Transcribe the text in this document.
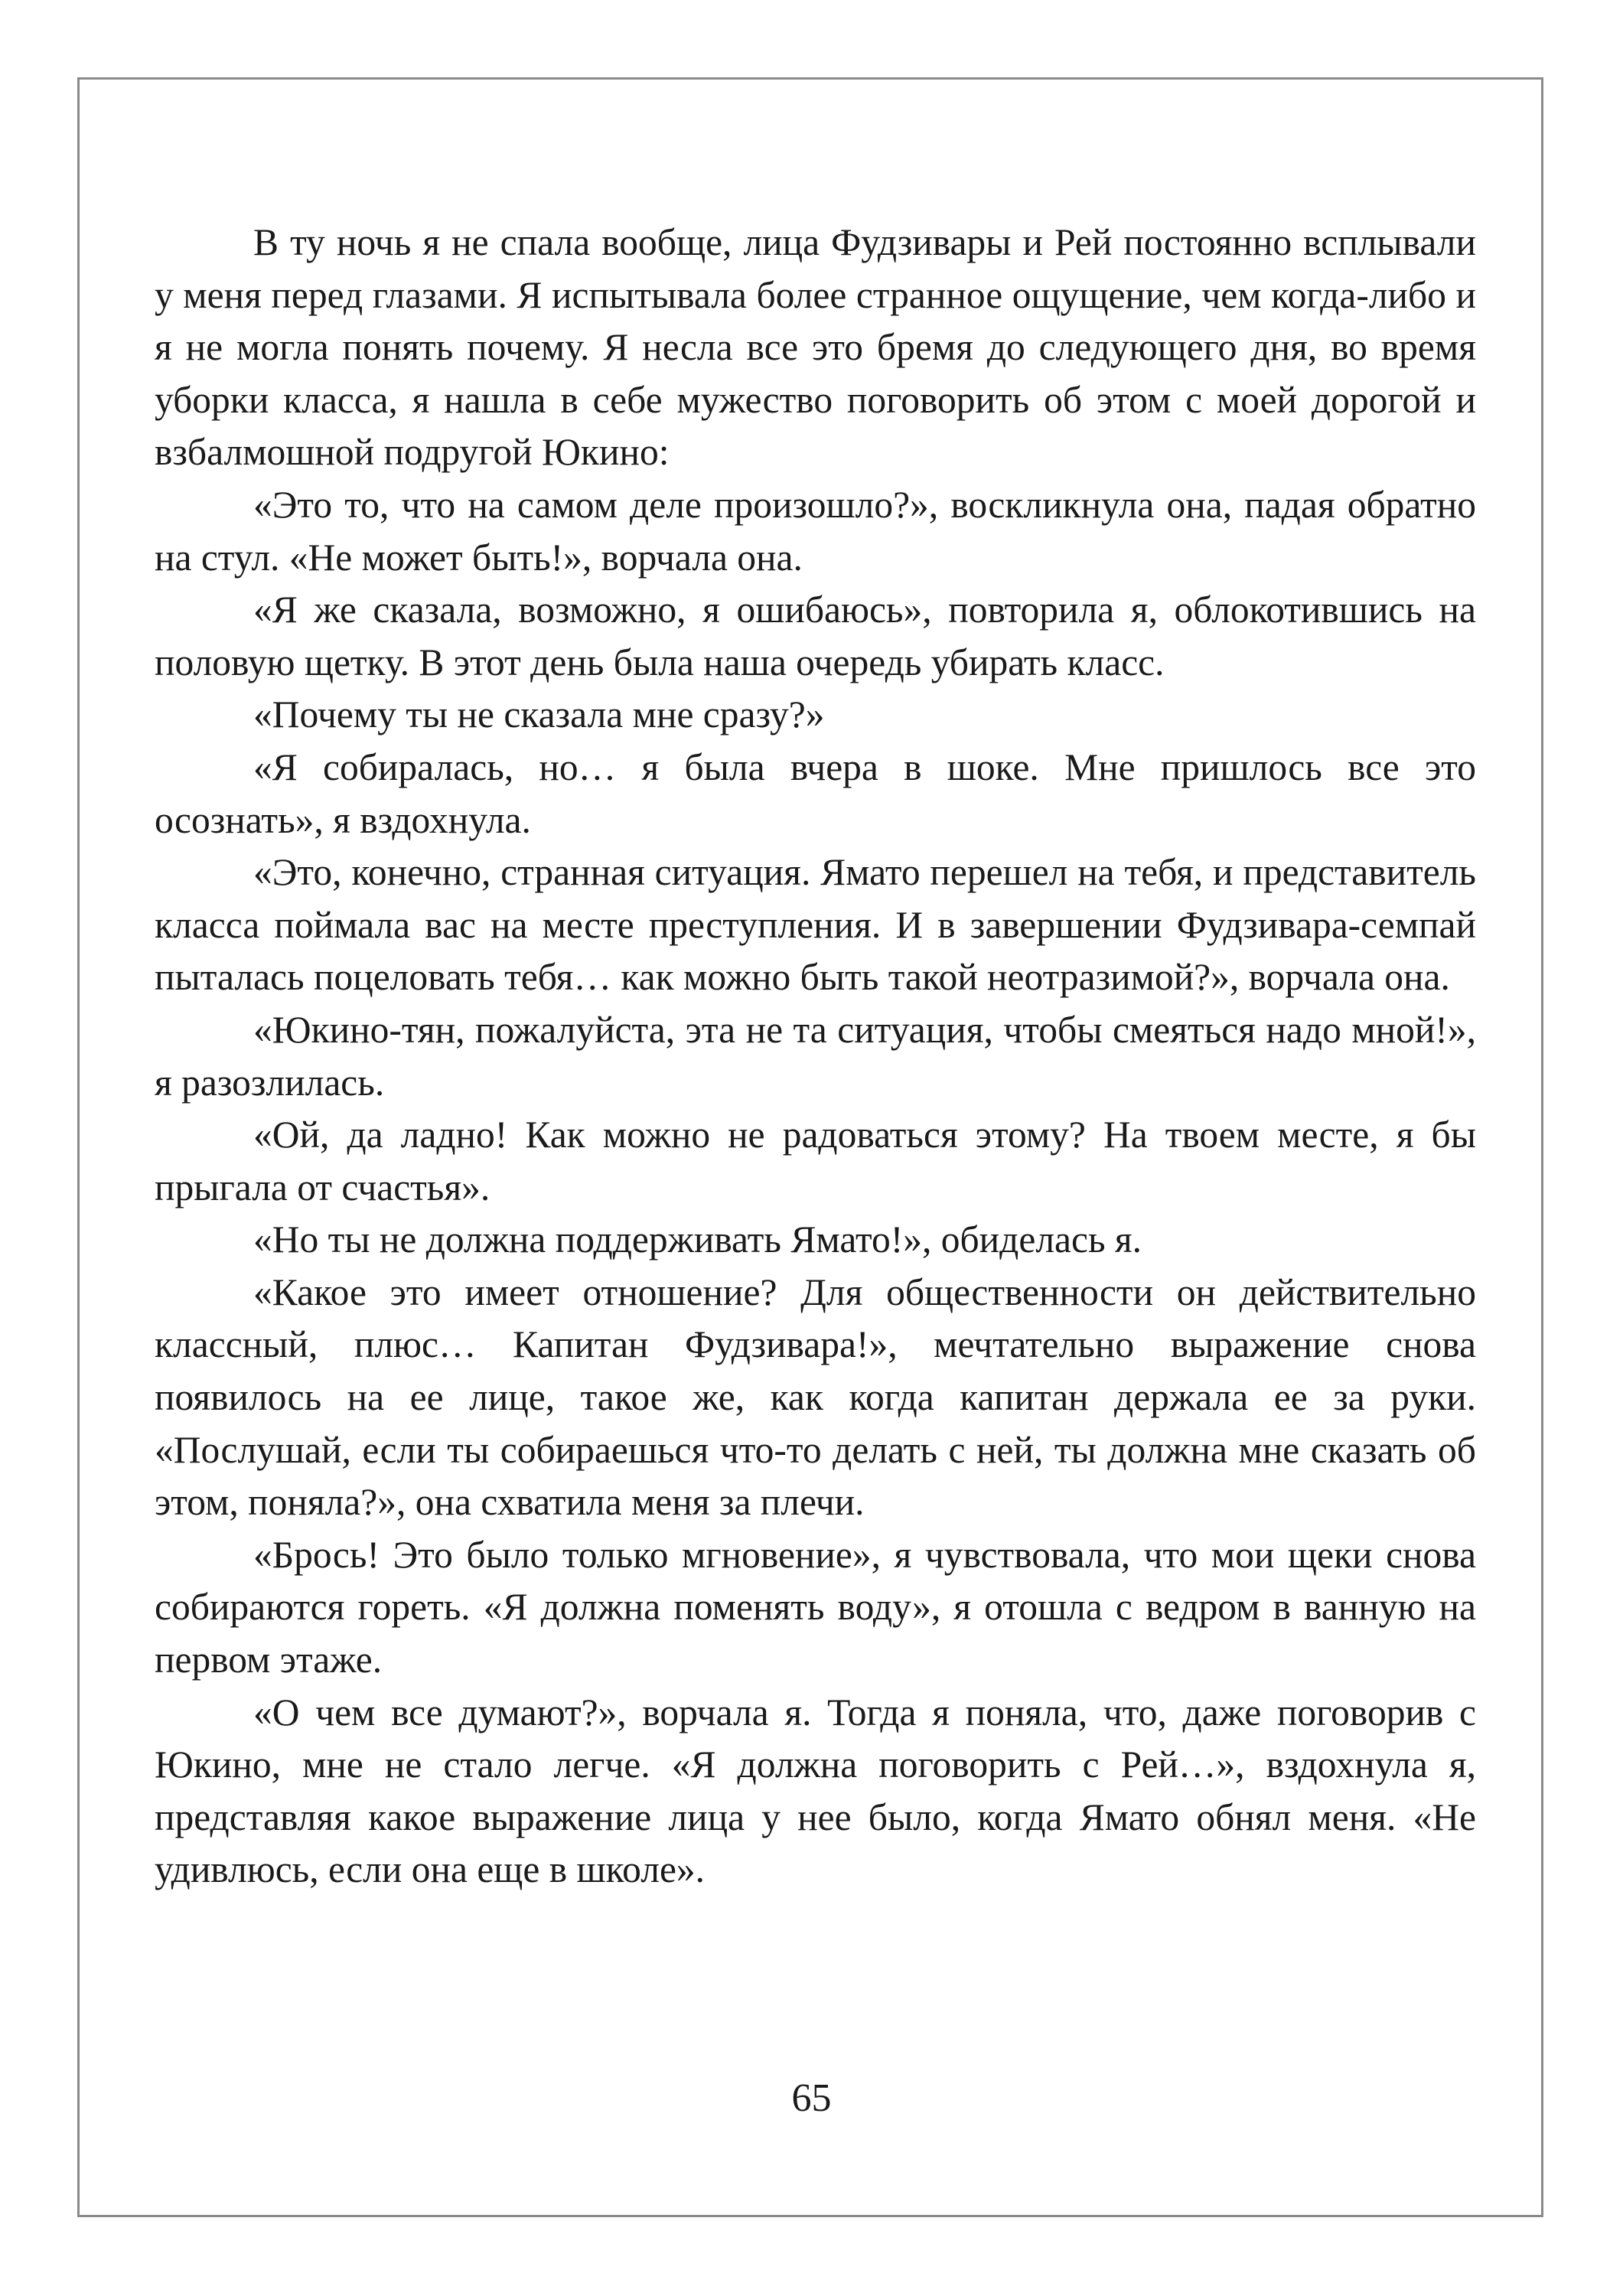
В ту ночь я не спала вообще, лица Фудзивары и Рей постоянно всплывали у меня перед глазами. Я испытывала более странное ощущение, чем когда-либо и я не могла понять почему. Я несла все это бремя до следующего дня, во время уборки класса, я нашла в себе мужество поговорить об этом с моей дорогой и взбалмошной подругой Юкино:

«Это то, что на самом деле произошло?», воскликнула она, падая обратно на стул. «Не может быть!», ворчала она.

«Я же сказала, возможно, я ошибаюсь», повторила я, облокотившись на половую щетку. В этот день была наша очередь убирать класс.

«Почему ты не сказала мне сразу?»

«Я собиралась, но… я была вчера в шоке. Мне пришлось все это осознать», я вздохнула.

«Это, конечно, странная ситуация. Ямато перешел на тебя, и представитель класса поймала вас на месте преступления. И в завершении Фудзивара-семпай пыталась поцеловать тебя… как можно быть такой неотразимой?», ворчала она.

«Юкино-тян, пожалуйста, эта не та ситуация, чтобы смеяться надо мной!», я разозлилась.

«Ой, да ладно! Как можно не радоваться этому? На твоем месте, я бы прыгала от счастья».

«Но ты не должна поддерживать Ямато!», обиделась я.

«Какое это имеет отношение? Для общественности он действительно классный, плюс… Капитан Фудзивара!», мечтательно выражение снова появилось на ее лице, такое же, как когда капитан держала ее за руки. «Послушай, если ты собираешься что-то делать с ней, ты должна мне сказать об этом, поняла?», она схватила меня за плечи.

«Брось! Это было только мгновение», я чувствовала, что мои щеки снова собираются гореть. «Я должна поменять воду», я отошла с ведром в ванную на первом этаже.

«О чем все думают?», ворчала я. Тогда я поняла, что, даже поговорив с Юкино, мне не стало легче. «Я должна поговорить с Рей…», вздохнула я, представляя какое выражение лица у нее было, когда Ямато обнял меня. «Не удивлюсь, если она еще в школе».

65
